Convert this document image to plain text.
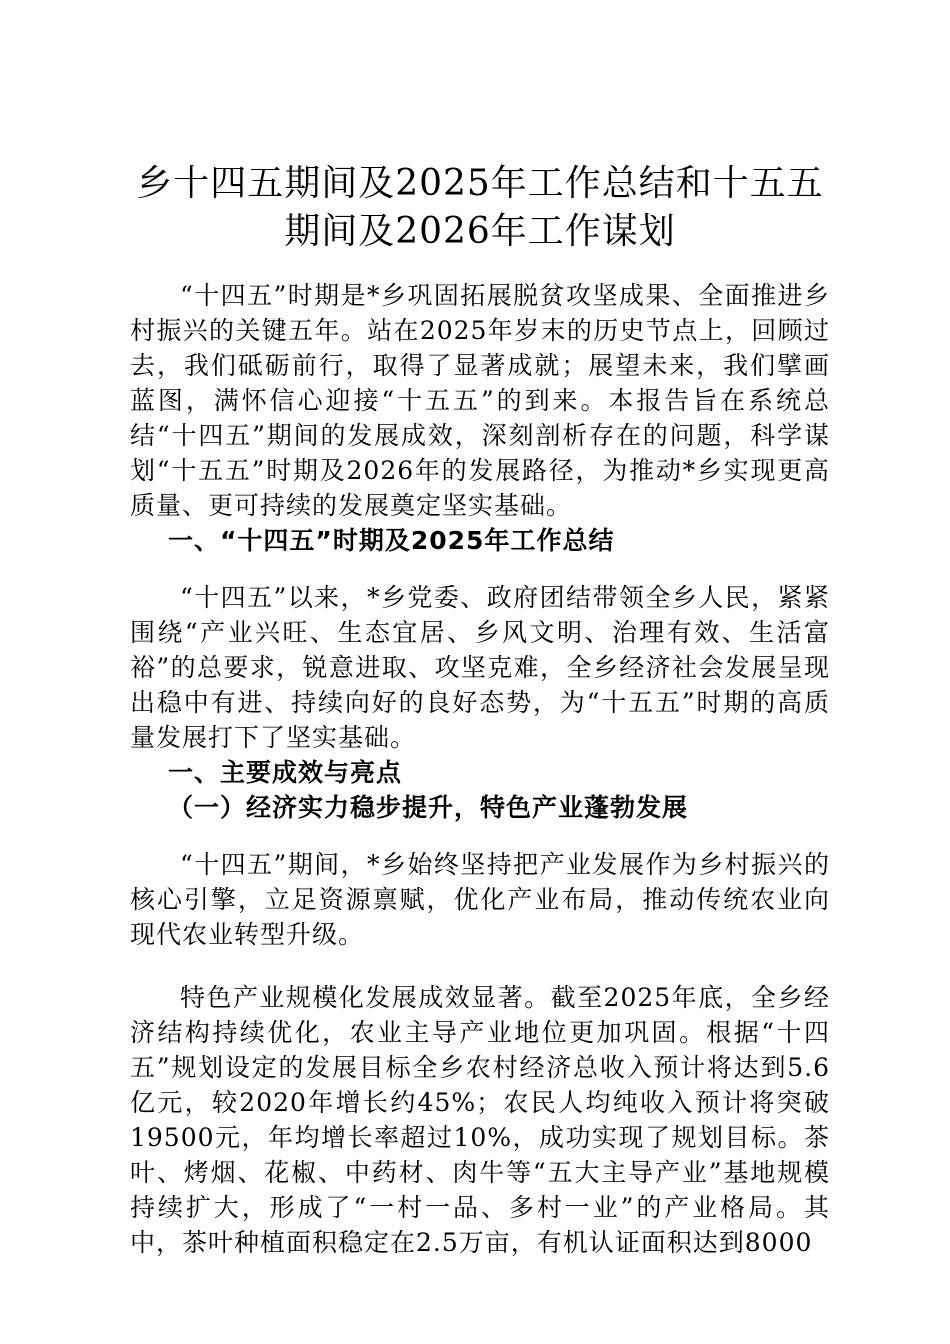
乡十四五期间及2025年工作总结和十五五期间及2026年工作谋划

“十四五”时期是*乡巩固拓展脱贫攻坚成果、全面推进乡村振兴的关键五年。站在2025年岁末的历史节点上，回顾过去，我们砥砺前行，取得了显著成就；展望未来，我们擘画蓝图，满怀信心迎接“十五五”的到来。本报告旨在系统总结“十四五”期间的发展成效，深刻剖析存在的问题，科学谋划“十五五”时期及2026年的发展路径，为推动*乡实现更高质量、更可持续的发展奠定坚实基础。

一、“十四五”时期及2025年工作总结

“十四五”以来，*乡党委、政府团结带领全乡人民，紧紧围绕“产业兴旺、生态宜居、乡风文明、治理有效、生活富裕”的总要求，锐意进取、攻坚克难，全乡经济社会发展呈现出稳中有进、持续向好的良好态势，为“十五五”时期的高质量发展打下了坚实基础。

一、主要成效与亮点
（一）经济实力稳步提升，特色产业蓬勃发展

“十四五”期间，*乡始终坚持把产业发展作为乡村振兴的核心引擎，立足资源禀赋，优化产业布局，推动传统农业向现代农业转型升级。

特色产业规模化发展成效显著。截至2025年底，全乡经济结构持续优化，农业主导产业地位更加巩固。根据“十四五”规划设定的发展目标全乡农村经济总收入预计将达到5.6亿元，较2020年增长约45%；农民人均纯收入预计将突破19500元，年均增长率超过10%，成功实现了规划目标。茶叶、烤烟、花椒、中药材、肉牛等“五大主导产业”基地规模持续扩大，形成了“一村一品、多村一业”的产业格局。其中，茶叶种植面积稳定在2.5万亩，有机认证面积达到8000
